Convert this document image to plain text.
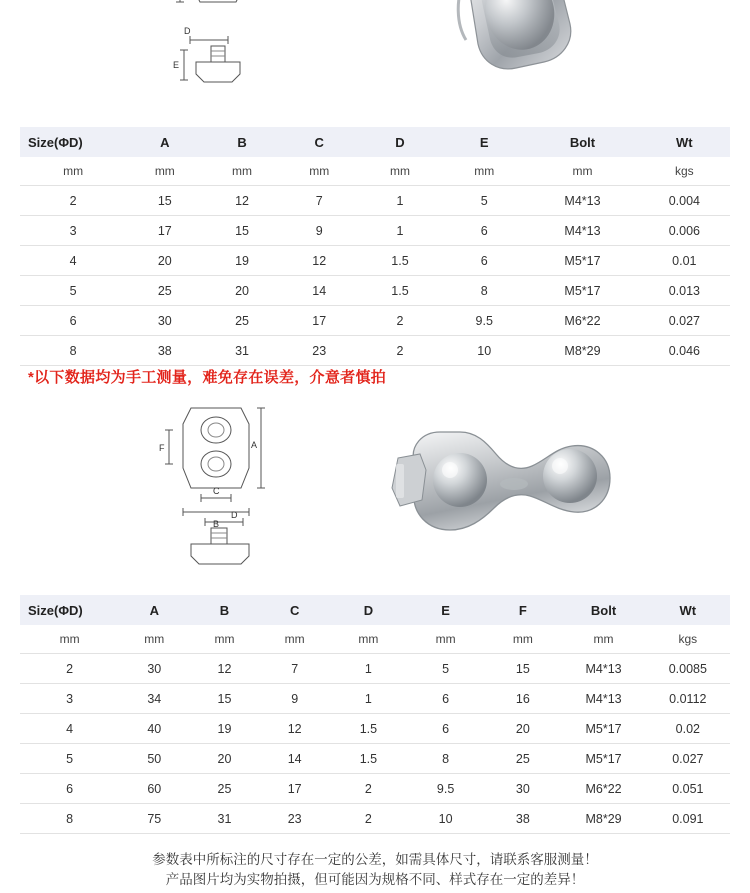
D
E
Size(ΦD)	A	B	C	D	E	Bolt	Wt
mm	mm	mm	mm	mm	mm	mm	kgs
2	15	12	7	1	5	M4*13	0.004
3	17	15	9	1	6	M4*13	0.006
4	20	19	12	1.5	6	M5*17	0.01
5	25	20	14	1.5	8	M5*17	0.013
6	30	25	17	2	9.5	M6*22	0.027
8	38	31	23	2	10	M8*29	0.046
*以下数据均为手工测量，难免存在误差，介意者慎拍
A
F
C
B
D
Size(ΦD)	A	B	C	D	E	F	Bolt	Wt
mm	mm	mm	mm	mm	mm	mm	mm	kgs
2	30	12	7	1	5	15	M4*13	0.0085
3	34	15	9	1	6	16	M4*13	0.0112
4	40	19	12	1.5	6	20	M5*17	0.02
5	50	20	14	1.5	8	25	M5*17	0.027
6	60	25	17	2	9.5	30	M6*22	0.051
8	75	31	23	2	10	38	M8*29	0.091
参数表中所标注的尺寸存在一定的公差，如需具体尺寸，请联系客服测量！
产品图片均为实物拍摄，但可能因为规格不同、样式存在一定的差异！
